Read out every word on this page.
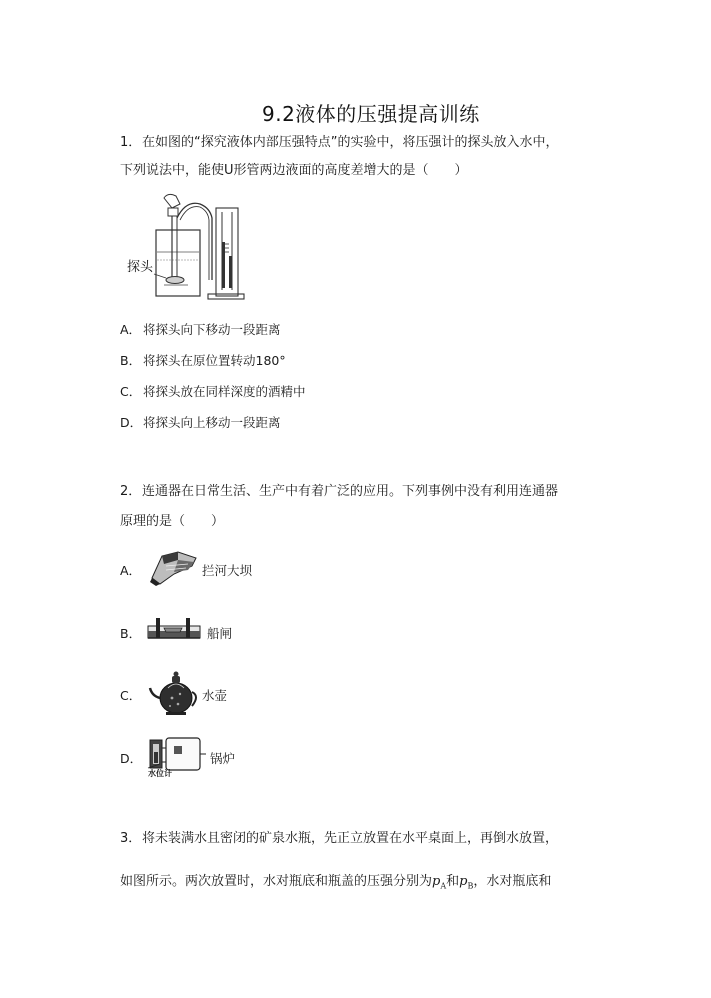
9.2液体的压强提高训练
1． 在如图的“探究液体内部压强特点”的实验中，将压强计的探头放入水中，
下列说法中，能使U形管两边液面的高度差增大的是（　　）
探头
A． 将探头向下移动一段距离
B． 将探头在原位置转动180°
C． 将探头放在同样深度的酒精中
D． 将探头向上移动一段距离
2． 连通器在日常生活、生产中有着广泛的应用。下列事例中没有利用连通器
原理的是（　　）
A．	拦河大坝
B．	船闸
C．	水壶
D．
水位计
锅炉
3． 将未装满水且密闭的矿泉水瓶，先正立放置在水平桌面上，再倒水放置，
如图所示。两次放置时，水对瓶底和瓶盖的压强分别为$p_A$和$p_B$，水对瓶底和
